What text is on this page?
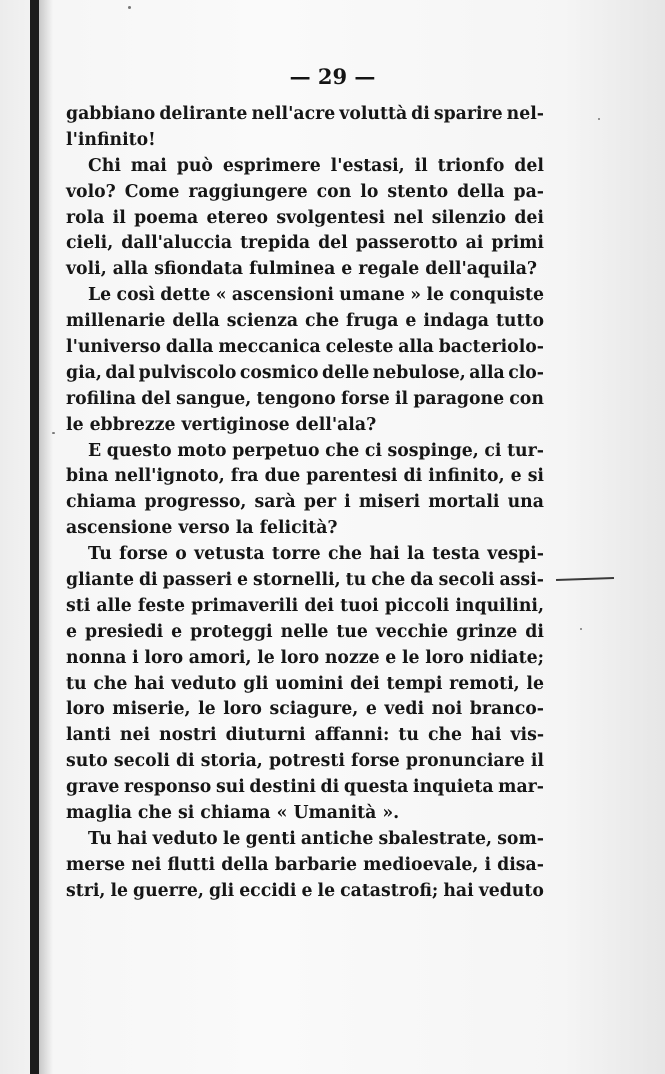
— 29 —
gabbiano delirante nell'acre voluttà di sparire nel-
l'infinito!
Chi mai può esprimere l'estasi, il trionfo del
volo? Come raggiungere con lo stento della pa-
rola il poema etereo svolgentesi nel silenzio dei
cieli, dall'aluccia trepida del passerotto ai primi
voli, alla sfiondata fulminea e regale dell'aquila?
Le così dette « ascensioni umane » le conquiste
millenarie della scienza che fruga e indaga tutto
l'universo dalla meccanica celeste alla bacteriolo-
gia, dal pulviscolo cosmico delle nebulose, alla clo-
rofilina del sangue, tengono forse il paragone con
le ebbrezze vertiginose dell'ala?
E questo moto perpetuo che ci sospinge, ci tur-
bina nell'ignoto, fra due parentesi di infinito, e si
chiama progresso, sarà per i miseri mortali una
ascensione verso la felicità?
Tu forse o vetusta torre che hai la testa vespi-
gliante di passeri e stornelli, tu che da secoli assi-
sti alle feste primaverili dei tuoi piccoli inquilini,
e presiedi e proteggi nelle tue vecchie grinze di
nonna i loro amori, le loro nozze e le loro nidiate;
tu che hai veduto gli uomini dei tempi remoti, le
loro miserie, le loro sciagure, e vedi noi branco-
lanti nei nostri diuturni affanni: tu che hai vis-
suto secoli di storia, potresti forse pronunciare il
grave responso sui destini di questa inquieta mar-
maglia che si chiama « Umanità ».
Tu hai veduto le genti antiche sbalestrate, som-
merse nei flutti della barbarie medioevale, i disa-
stri, le guerre, gli eccidi e le catastrofi; hai veduto
